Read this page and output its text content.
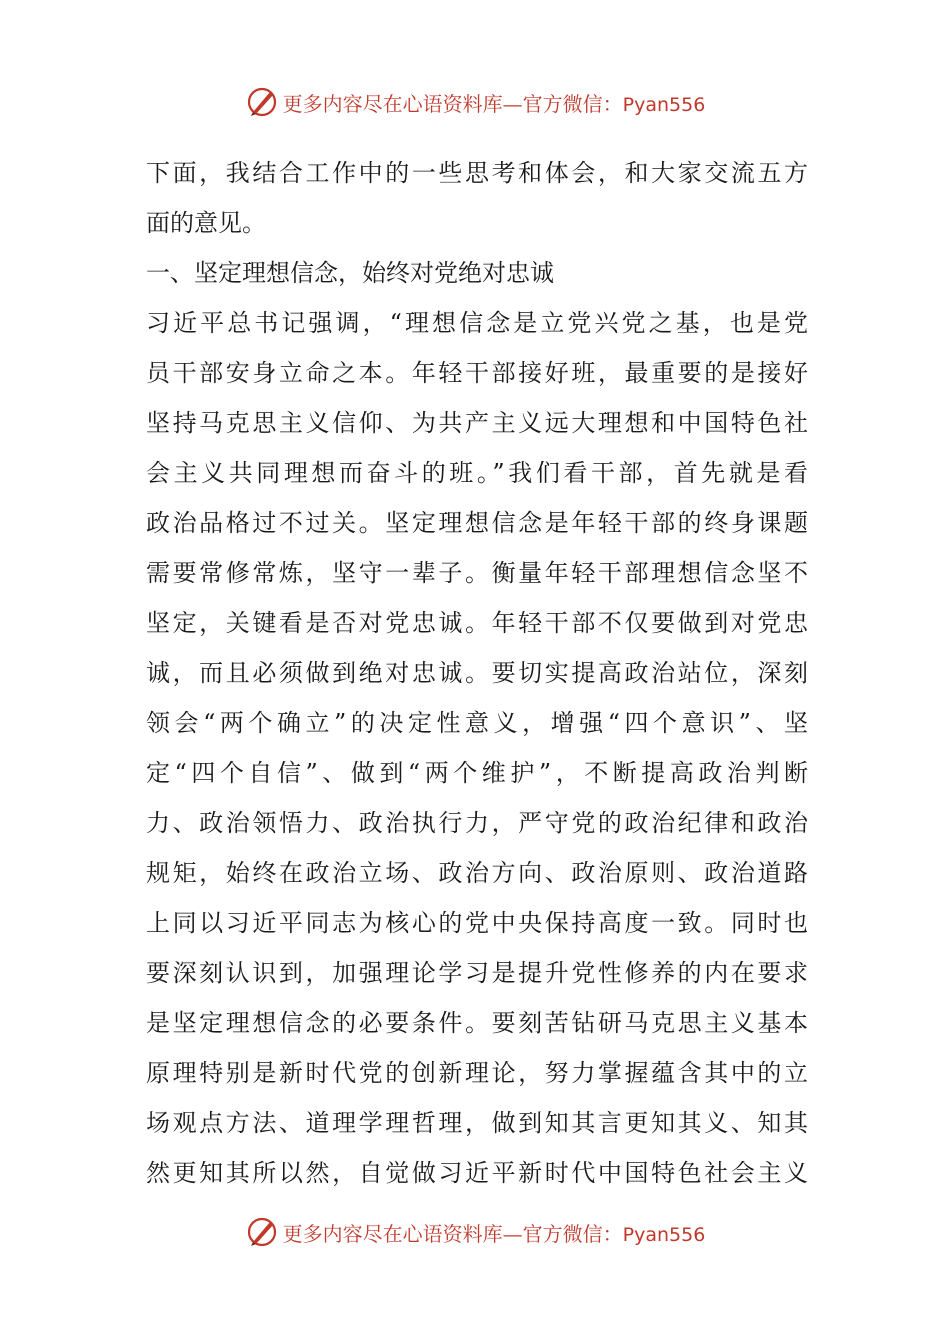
更多内容尽在心语资料库—官方微信：Pyan556
下面，我结合工作中的一些思考和体会，和大家交流五方
面的意见。
一、坚定理想信念，始终对党绝对忠诚
习近平总书记强调，“理想信念是立党兴党之基，也是党
员干部安身立命之本。年轻干部接好班，最重要的是接好
坚持马克思主义信仰、为共产主义远大理想和中国特色社
会主义共同理想而奋斗的班。”我们看干部，首先就是看
政治品格过不过关。坚定理想信念是年轻干部的终身课题
需要常修常炼，坚守一辈子。衡量年轻干部理想信念坚不
坚定，关键看是否对党忠诚。年轻干部不仅要做到对党忠
诚，而且必须做到绝对忠诚。要切实提高政治站位，深刻
领会“两个确立”的决定性意义，增强“四个意识”、坚
定“四个自信”、做到“两个维护”，不断提高政治判断
力、政治领悟力、政治执行力，严守党的政治纪律和政治
规矩，始终在政治立场、政治方向、政治原则、政治道路
上同以习近平同志为核心的党中央保持高度一致。同时也
要深刻认识到，加强理论学习是提升党性修养的内在要求
是坚定理想信念的必要条件。要刻苦钻研马克思主义基本
原理特别是新时代党的创新理论，努力掌握蕴含其中的立
场观点方法、道理学理哲理，做到知其言更知其义、知其
然更知其所以然，自觉做习近平新时代中国特色社会主义
更多内容尽在心语资料库—官方微信：Pyan556
